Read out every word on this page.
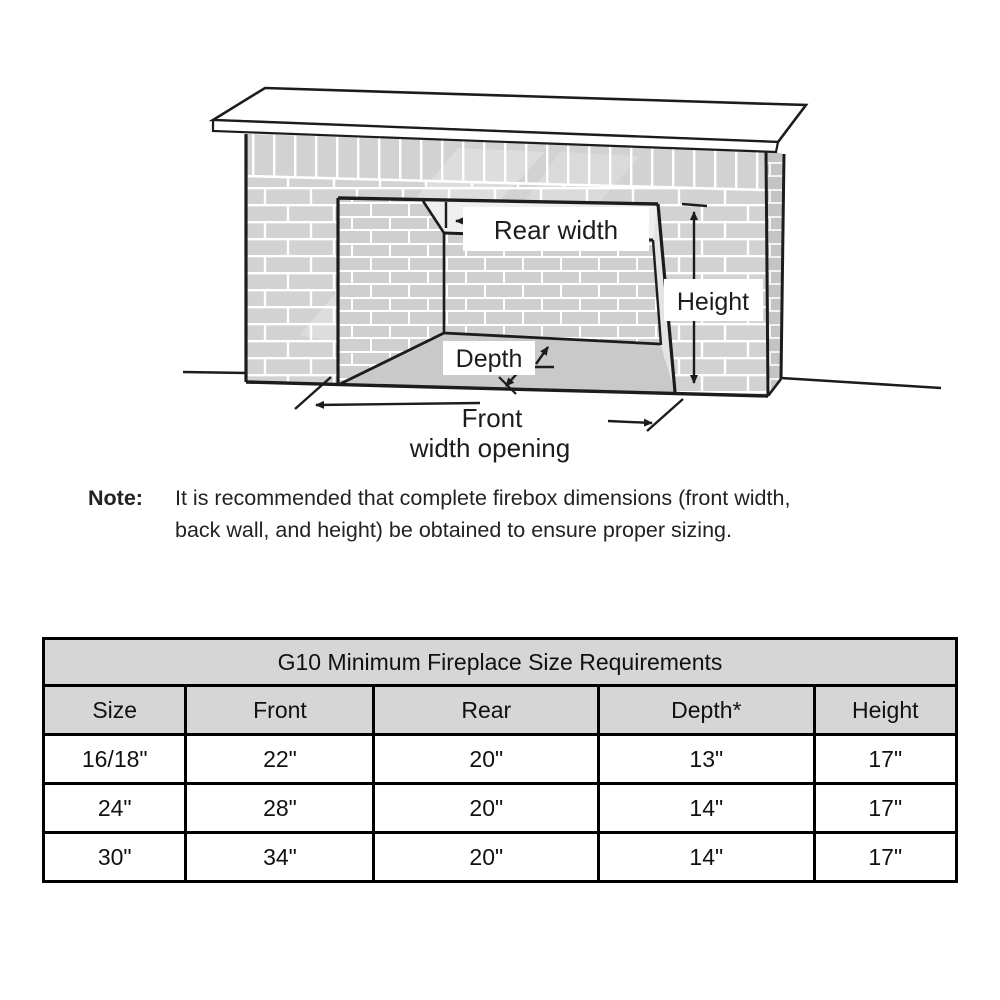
Rear width
Height
Depth
Front
width opening
Note:	It is recommended that complete firebox dimensions (front width,
back wall, and height) be obtained to ensure proper sizing.
G10 Minimum Fireplace Size Requirements				
Size	Front	Rear	Depth*	Height
16/18"	22"	20"	13"	17"
24"	28"	20"	14"	17"
30"	34"	20"	14"	17"
